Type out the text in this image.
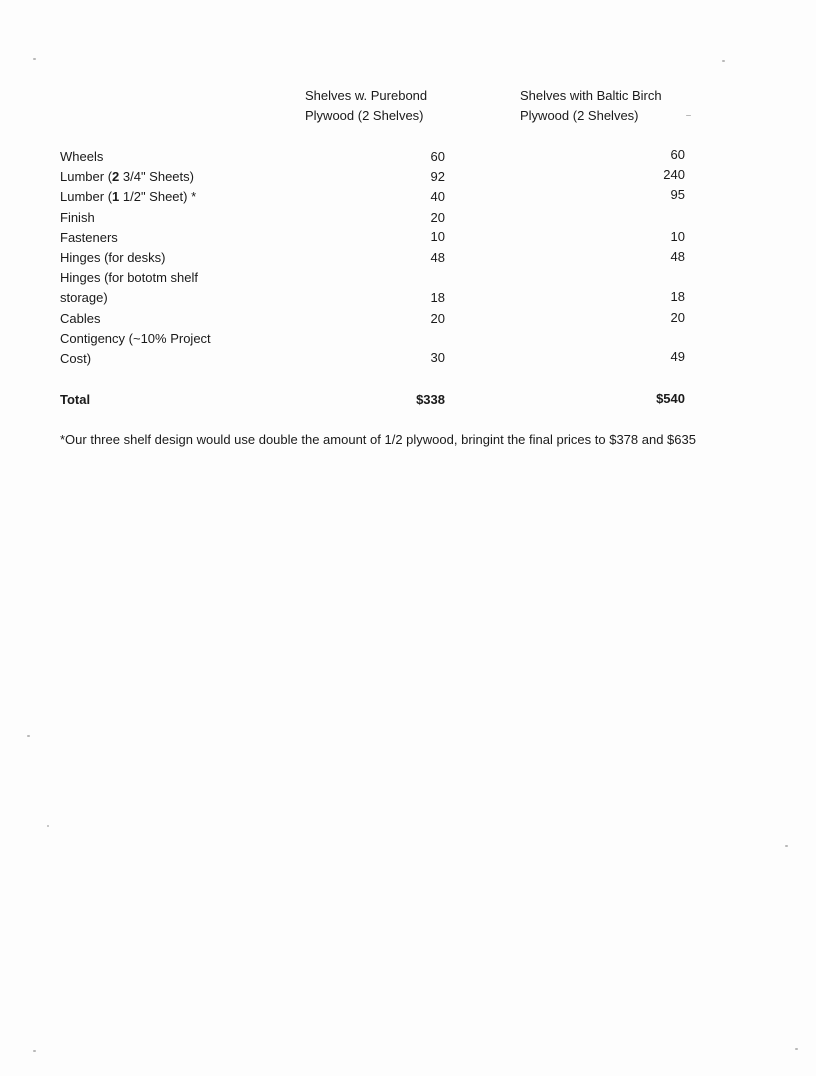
Shelves w. Purebond
Plywood (2 Shelves)
Shelves with Baltic Birch
Plywood (2 Shelves)
Wheels	60	60
Lumber (2 3/4" Sheets)	92	240
Lumber (1 1/2" Sheet) *	40	95
Finish	20
Fasteners	10	10
Hinges (for desks)	48	48
Hinges (for bototm shelf
storage)	18	18
Cables	20	20
Contigency (~10% Project
Cost)	30	49
Total	$338	$540
*Our three shelf design would use double the amount of 1/2 plywood, bringint the final prices to $378 and $635
